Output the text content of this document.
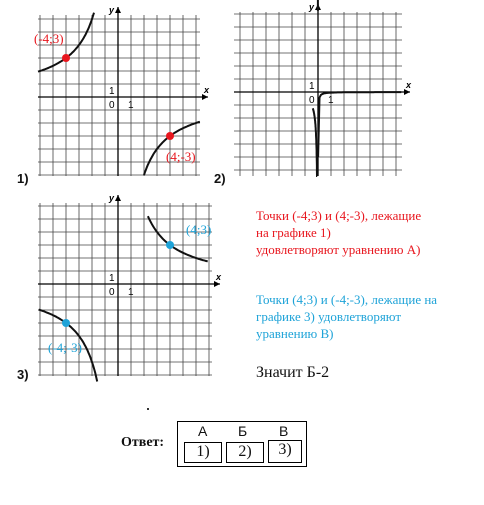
x
y
0
1
1
x
y
0
1
1
x
y
0
1
1
1)	2)
3)
(-4;3)
(4;-3)
(4;3)
(-4;-3)
Точки (-4;3) и (4;-3), лежащие
на графике 1)
удовлетворяют уравнению А)
Точки (4;3) и (-4;-3), лежащие на
графике 3) удовлетворяют
уравнению В)
Значит Б-2
Ответ:
А Б В
1)	2)	3)
